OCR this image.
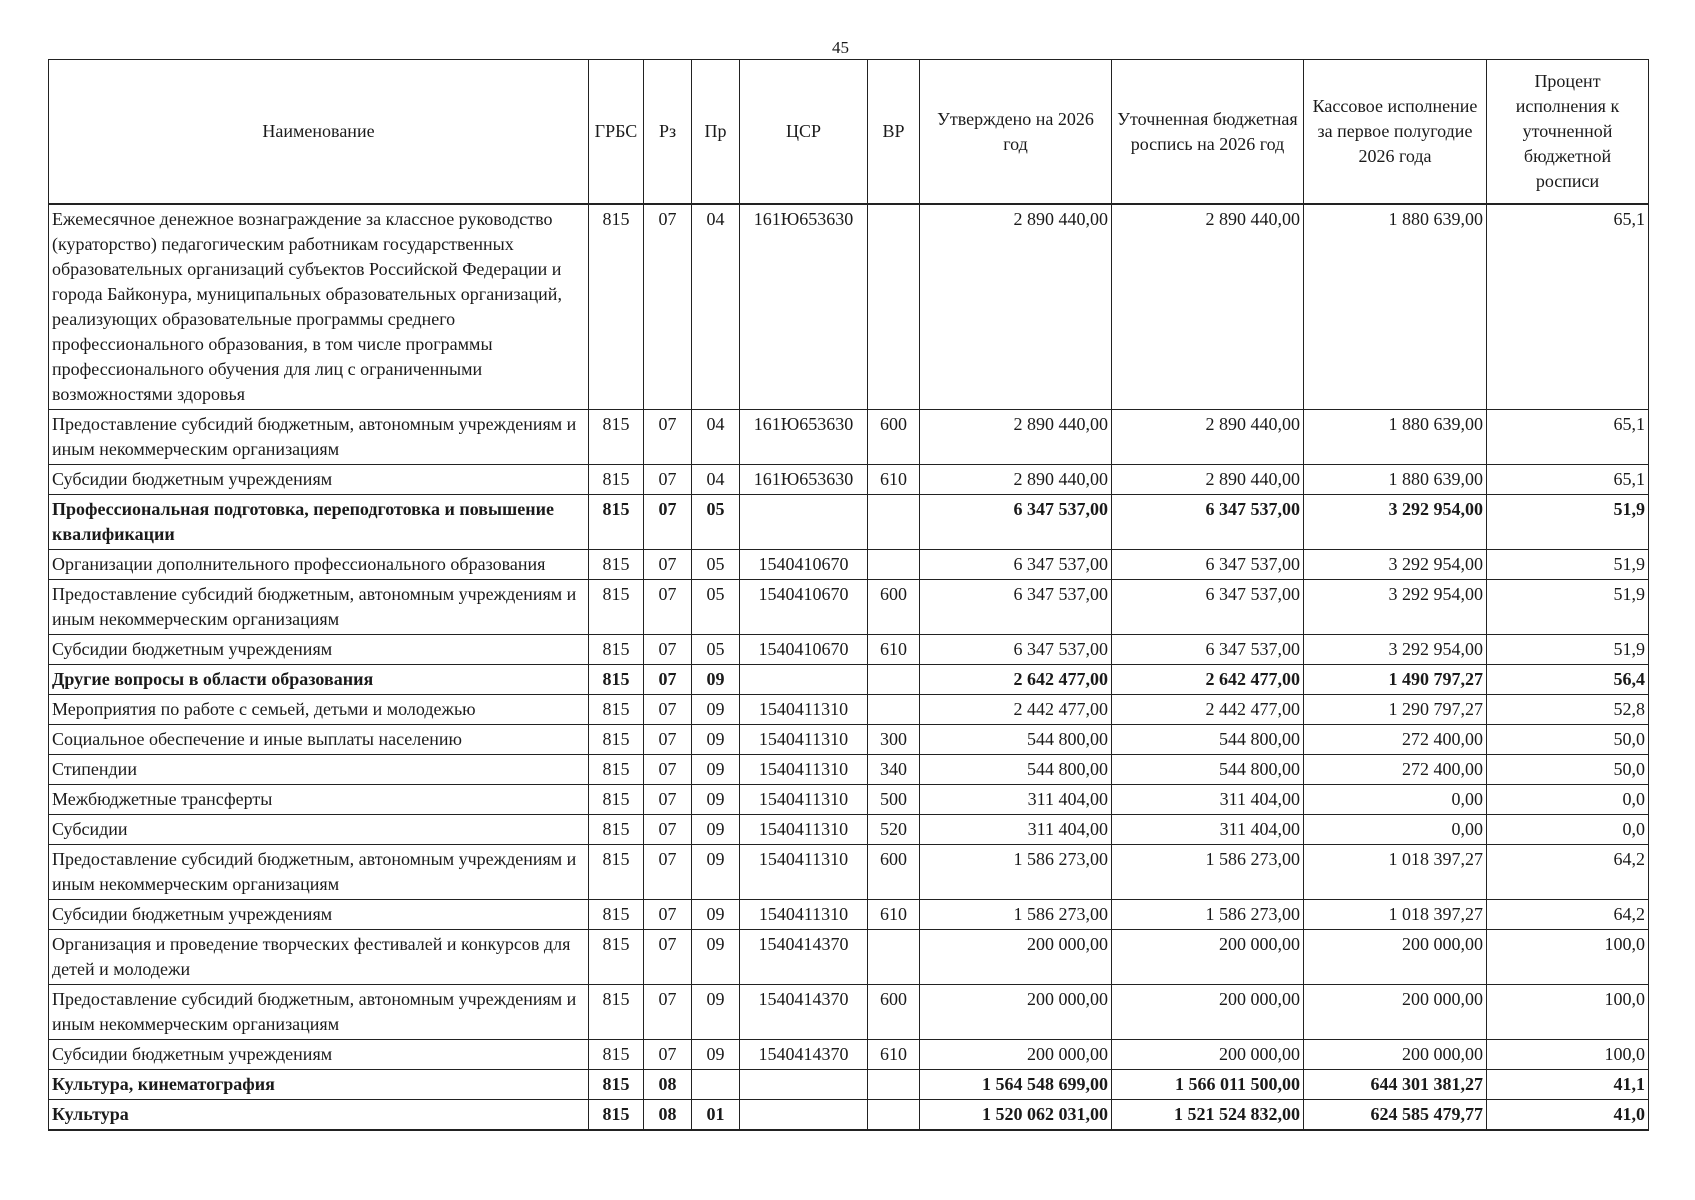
45
Наименование	ГРБС	Рз	Пр	ЦСР	ВР	Утверждено на 2026 год	Уточненная бюджетная роспись на 2026 год	Кассовое исполнение за первое полугодие 2026 года	Процент исполнения к уточненной бюджетной росписи
Ежемесячное денежное вознаграждение за классное руководство (кураторство) педагогическим работникам государственных образовательных организаций субъектов Российской Федерации и города Байконура, муниципальных образовательных организаций, реализующих образовательные программы среднего профессионального образования, в том числе программы профессионального обучения для лиц с ограниченными возможностями здоровья	815	07	04	161Ю653630		2 890 440,00	2 890 440,00	1 880 639,00	65,1
Предоставление субсидий бюджетным, автономным учреждениям и иным некоммерческим организациям	815	07	04	161Ю653630	600	2 890 440,00	2 890 440,00	1 880 639,00	65,1
Субсидии бюджетным учреждениям	815	07	04	161Ю653630	610	2 890 440,00	2 890 440,00	1 880 639,00	65,1
Профессиональная подготовка, переподготовка и повышение квалификации	815	07	05			6 347 537,00	6 347 537,00	3 292 954,00	51,9
Организации дополнительного профессионального образования	815	07	05	1540410670		6 347 537,00	6 347 537,00	3 292 954,00	51,9
Предоставление субсидий бюджетным, автономным учреждениям и иным некоммерческим организациям	815	07	05	1540410670	600	6 347 537,00	6 347 537,00	3 292 954,00	51,9
Субсидии бюджетным учреждениям	815	07	05	1540410670	610	6 347 537,00	6 347 537,00	3 292 954,00	51,9
Другие вопросы в области образования	815	07	09			2 642 477,00	2 642 477,00	1 490 797,27	56,4
Мероприятия по работе с семьей, детьми и молодежью	815	07	09	1540411310		2 442 477,00	2 442 477,00	1 290 797,27	52,8
Социальное обеспечение и иные выплаты населению	815	07	09	1540411310	300	544 800,00	544 800,00	272 400,00	50,0
Стипендии	815	07	09	1540411310	340	544 800,00	544 800,00	272 400,00	50,0
Межбюджетные трансферты	815	07	09	1540411310	500	311 404,00	311 404,00	0,00	0,0
Субсидии	815	07	09	1540411310	520	311 404,00	311 404,00	0,00	0,0
Предоставление субсидий бюджетным, автономным учреждениям и иным некоммерческим организациям	815	07	09	1540411310	600	1 586 273,00	1 586 273,00	1 018 397,27	64,2
Субсидии бюджетным учреждениям	815	07	09	1540411310	610	1 586 273,00	1 586 273,00	1 018 397,27	64,2
Организация и проведение творческих фестивалей и конкурсов для детей и молодежи	815	07	09	1540414370		200 000,00	200 000,00	200 000,00	100,0
Предоставление субсидий бюджетным, автономным учреждениям и иным некоммерческим организациям	815	07	09	1540414370	600	200 000,00	200 000,00	200 000,00	100,0
Субсидии бюджетным учреждениям	815	07	09	1540414370	610	200 000,00	200 000,00	200 000,00	100,0
Культура, кинематография	815	08				1 564 548 699,00	1 566 011 500,00	644 301 381,27	41,1
Культура	815	08	01			1 520 062 031,00	1 521 524 832,00	624 585 479,77	41,0
